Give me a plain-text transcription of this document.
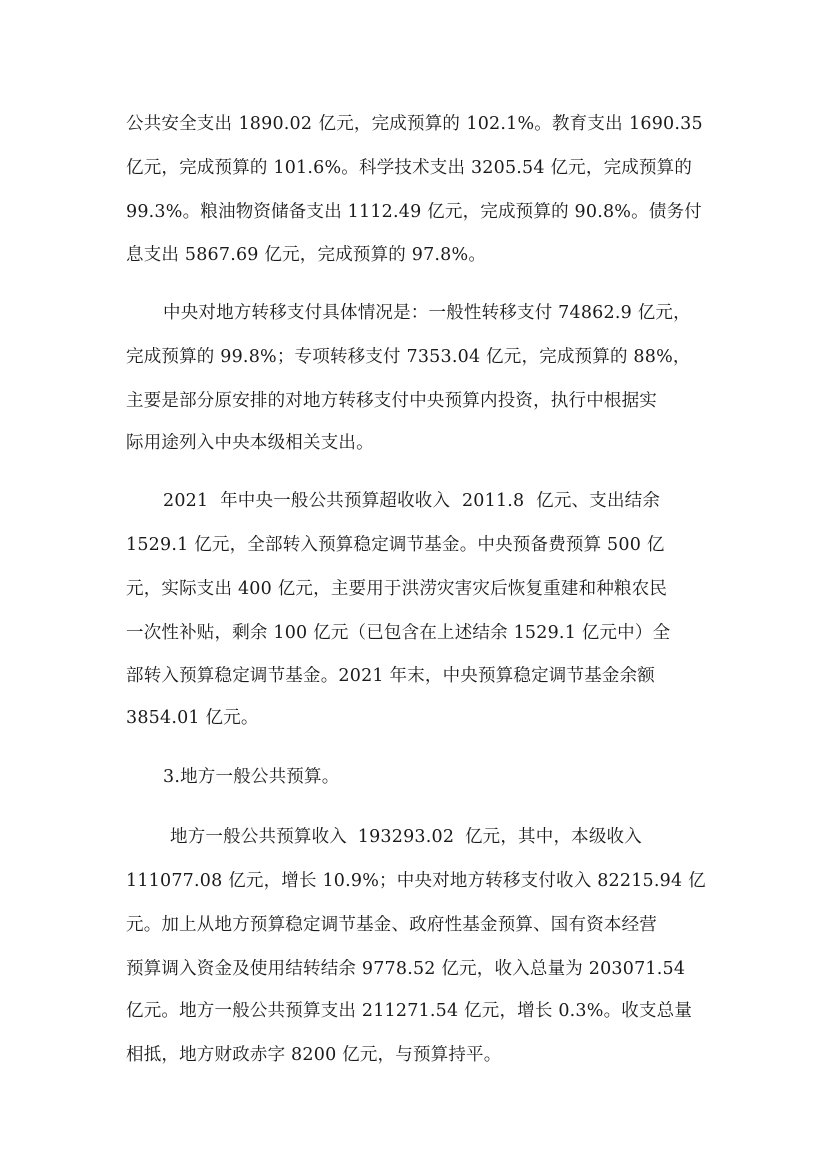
公共安全支出 1890.02 亿元，完成预算的 102.1%。教育支出 1690.35
亿元，完成预算的 101.6%。科学技术支出 3205.54 亿元，完成预算的
99.3%。粮油物资储备支出 1112.49 亿元，完成预算的 90.8%。债务付
息支出 5867.69 亿元，完成预算的 97.8%。
中央对地方转移支付具体情况是：一般性转移支付 74862.9 亿元，
完成预算的 99.8%；专项转移支付 7353.04 亿元，完成预算的 88%，
主要是部分原安排的对地方转移支付中央预算内投资，执行中根据实
际用途列入中央本级相关支出。
2021 年中央一般公共预算超收收入 2011.8 亿元、支出结余
1529.1 亿元，全部转入预算稳定调节基金。中央预备费预算 500 亿
元，实际支出 400 亿元，主要用于洪涝灾害灾后恢复重建和种粮农民
一次性补贴，剩余 100 亿元（已包含在上述结余 1529.1 亿元中）全
部转入预算稳定调节基金。2021 年末，中央预算稳定调节基金余额
3854.01 亿元。
3.地方一般公共预算。
地方一般公共预算收入 193293.02 亿元，其中，本级收入
111077.08 亿元，增长 10.9%；中央对地方转移支付收入 82215.94 亿
元。加上从地方预算稳定调节基金、政府性基金预算、国有资本经营
预算调入资金及使用结转结余 9778.52 亿元，收入总量为 203071.54
亿元。地方一般公共预算支出 211271.54 亿元，增长 0.3%。收支总量
相抵，地方财政赤字 8200 亿元，与预算持平。
